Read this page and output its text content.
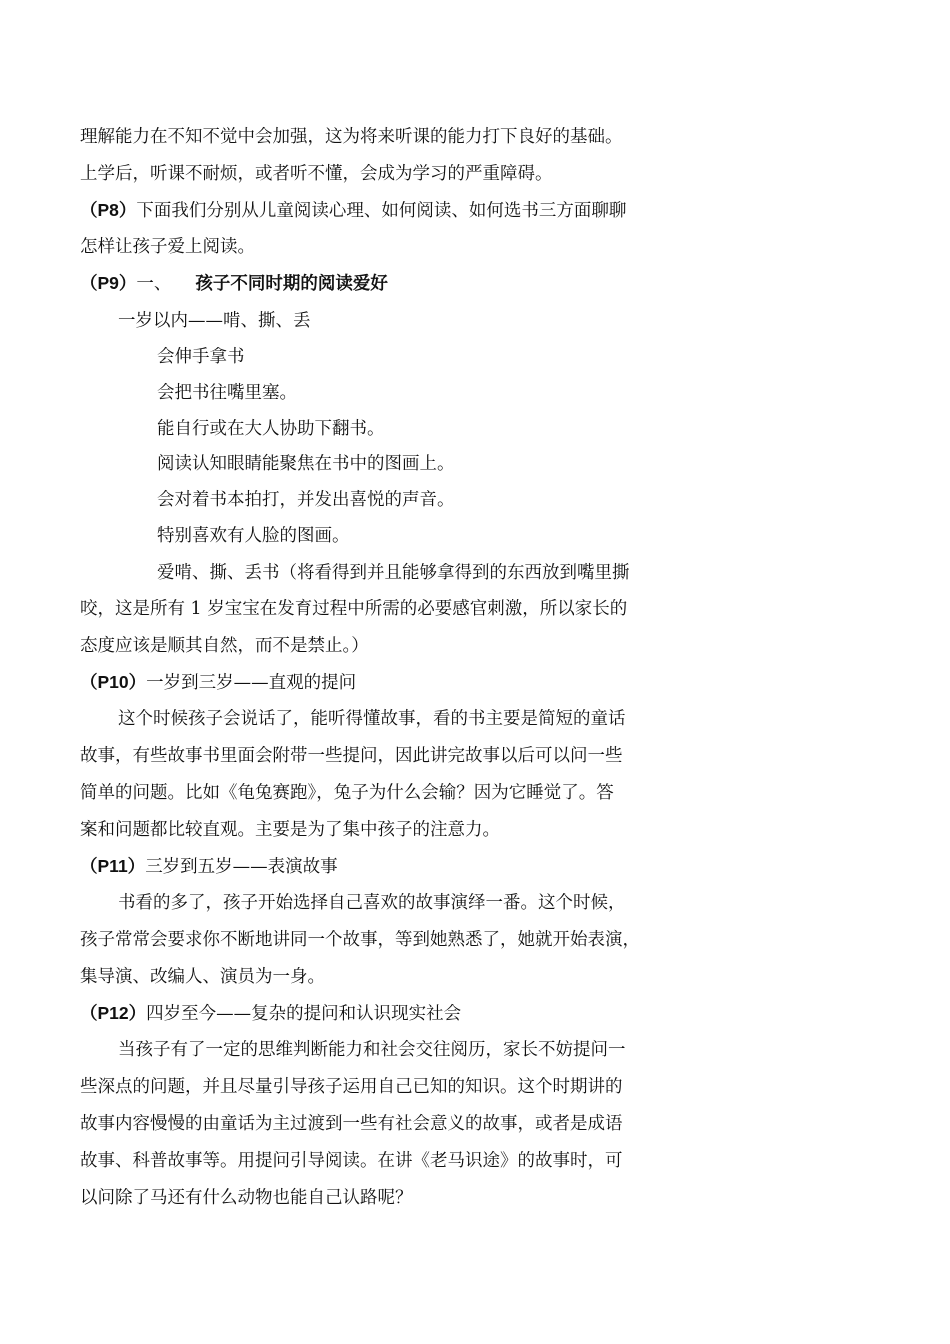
理解能力在不知不觉中会加强，这为将来听课的能力打下良好的基础。
上学后，听课不耐烦，或者听不懂，会成为学习的严重障碍。
（P8）下面我们分别从儿童阅读心理、如何阅读、如何选书三方面聊聊
怎样让孩子爱上阅读。
（P9）一、 孩子不同时期的阅读爱好
一岁以内——啃、撕、丢
会伸手拿书
会把书往嘴里塞。
能自行或在大人协助下翻书。
阅读认知眼睛能聚焦在书中的图画上。
会对着书本拍打，并发出喜悦的声音。
特别喜欢有人脸的图画。
爱啃、撕、丢书（将看得到并且能够拿得到的东西放到嘴里撕
咬，这是所有 1 岁宝宝在发育过程中所需的必要感官刺激，所以家长的
态度应该是顺其自然，而不是禁止。）
（P10）一岁到三岁——直观的提问
这个时候孩子会说话了，能听得懂故事，看的书主要是简短的童话
故事，有些故事书里面会附带一些提问，因此讲完故事以后可以问一些
简单的问题。比如《龟兔赛跑》，兔子为什么会输？因为它睡觉了。答
案和问题都比较直观。主要是为了集中孩子的注意力。
（P11）三岁到五岁——表演故事
书看的多了，孩子开始选择自己喜欢的故事演绎一番。这个时候，
孩子常常会要求你不断地讲同一个故事，等到她熟悉了，她就开始表演，
集导演、改编人、演员为一身。
（P12）四岁至今——复杂的提问和认识现实社会
当孩子有了一定的思维判断能力和社会交往阅历，家长不妨提问一
些深点的问题，并且尽量引导孩子运用自己已知的知识。这个时期讲的
故事内容慢慢的由童话为主过渡到一些有社会意义的故事，或者是成语
故事、科普故事等。用提问引导阅读。在讲《老马识途》的故事时，可
以问除了马还有什么动物也能自己认路呢？
